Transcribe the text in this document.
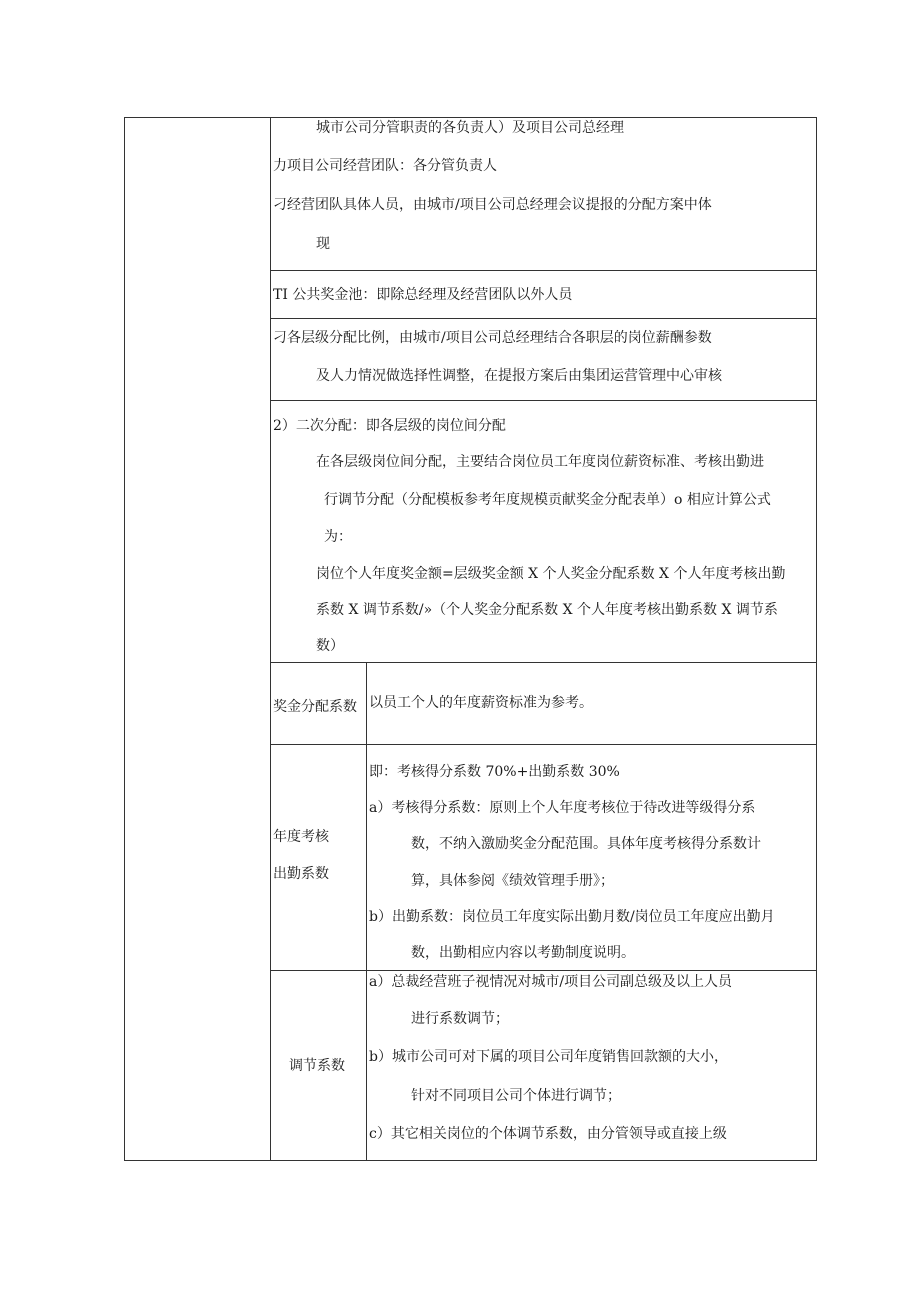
城市公司分管职责的各负责人）及项目公司总经理
力项目公司经营团队：各分管负责人
刁经营团队具体人员，由城市/项目公司总经理会议提报的分配方案中体
现
TI 公共奖金池：即除总经理及经营团队以外人员
刁各层级分配比例，由城市/项目公司总经理结合各职层的岗位薪酬参数
及人力情况做选择性调整，在提报方案后由集团运营管理中心审核
2）二次分配：即各层级的岗位间分配
在各层级岗位间分配，主要结合岗位员工年度岗位薪资标准、考核出勤进
行调节分配（分配模板参考年度规模贡献奖金分配表单）o 相应计算公式
为：
岗位个人年度奖金额=层级奖金额 X 个人奖金分配系数 X 个人年度考核出勤
系数 X 调节系数/»（个人奖金分配系数 X 个人年度考核出勤系数 X 调节系
数）
奖金分配系数 以员工个人的年度薪资标准为参考。
年度考核
出勤系数
即：考核得分系数 70%+出勤系数 30%
a）考核得分系数：原则上个人年度考核位于待改进等级得分系
数，不纳入激励奖金分配范围。具体年度考核得分系数计
算，具体参阅《绩效管理手册》；
b）出勤系数：岗位员工年度实际出勤月数/岗位员工年度应出勤月
数，出勤相应内容以考勤制度说明。
调节系数
a）总裁经营班子视情况对城市/项目公司副总级及以上人员
进行系数调节；
b）城市公司可对下属的项目公司年度销售回款额的大小，
针对不同项目公司个体进行调节；
c）其它相关岗位的个体调节系数，由分管领导或直接上级
